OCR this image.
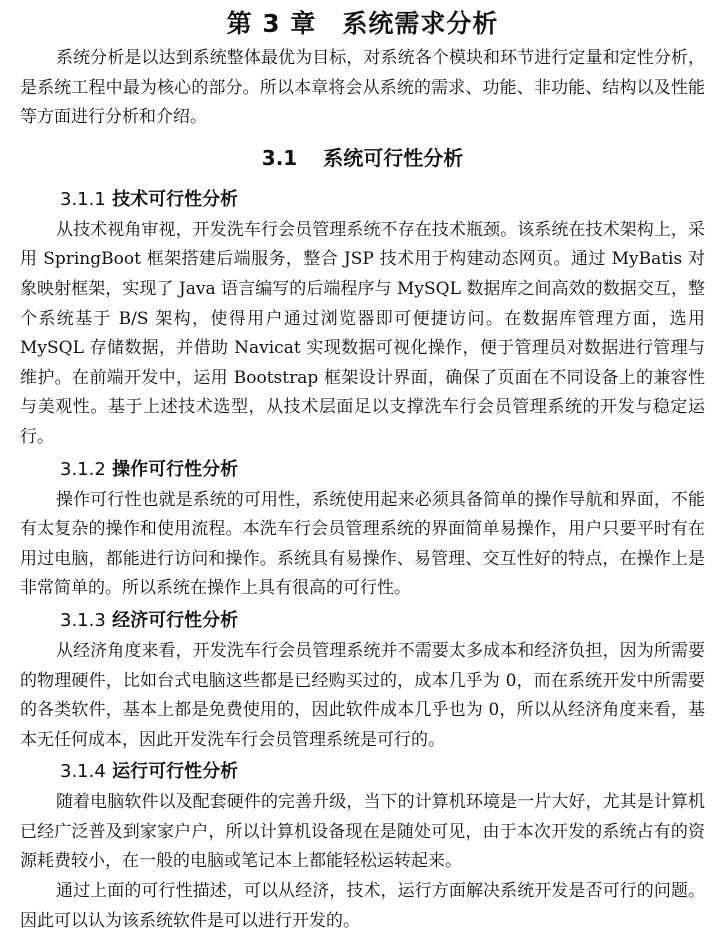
第 3 章 系统需求分析

系统分析是以达到系统整体最优为目标，对系统各个模块和环节进行定量和定性分析，是系统工程中最为核心的部分。所以本章将会从系统的需求、功能、非功能、结构以及性能等方面进行分析和介绍。

3.1 系统可行性分析
3.1.1 技术可行性分析

从技术视角审视，开发洗车行会员管理系统不存在技术瓶颈。该系统在技术架构上，采用 SpringBoot 框架搭建后端服务，整合 JSP 技术用于构建动态网页。通过 MyBatis 对象映射框架，实现了 Java 语言编写的后端程序与 MySQL 数据库之间高效的数据交互，整个系统基于 B/S 架构，使得用户通过浏览器即可便捷访问。在数据库管理方面，选用 MySQL 存储数据，并借助 Navicat 实现数据可视化操作，便于管理员对数据进行管理与维护。在前端开发中，运用 Bootstrap 框架设计界面，确保了页面在不同设备上的兼容性与美观性。基于上述技术选型，从技术层面足以支撑洗车行会员管理系统的开发与稳定运行。

3.1.2 操作可行性分析

操作可行性也就是系统的可用性，系统使用起来必须具备简单的操作导航和界面，不能有太复杂的操作和使用流程。本洗车行会员管理系统的界面简单易操作，用户只要平时有在用过电脑，都能进行访问和操作。系统具有易操作、易管理、交互性好的特点，在操作上是非常简单的。所以系统在操作上具有很高的可行性。

3.1.3 经济可行性分析

从经济角度来看，开发洗车行会员管理系统并不需要太多成本和经济负担，因为所需要的物理硬件，比如台式电脑这些都是已经购买过的，成本几乎为 0，而在系统开发中所需要的各类软件，基本上都是免费使用的，因此软件成本几乎也为 0，所以从经济角度来看，基本无任何成本，因此开发洗车行会员管理系统是可行的。

3.1.4 运行可行性分析

随着电脑软件以及配套硬件的完善升级，当下的计算机环境是一片大好，尤其是计算机已经广泛普及到家家户户，所以计算机设备现在是随处可见，由于本次开发的系统占有的资源耗费较小，在一般的电脑或笔记本上都能轻松运转起来。

通过上面的可行性描述，可以从经济，技术，运行方面解决系统开发是否可行的问题。因此可以认为该系统软件是可以进行开发的。
